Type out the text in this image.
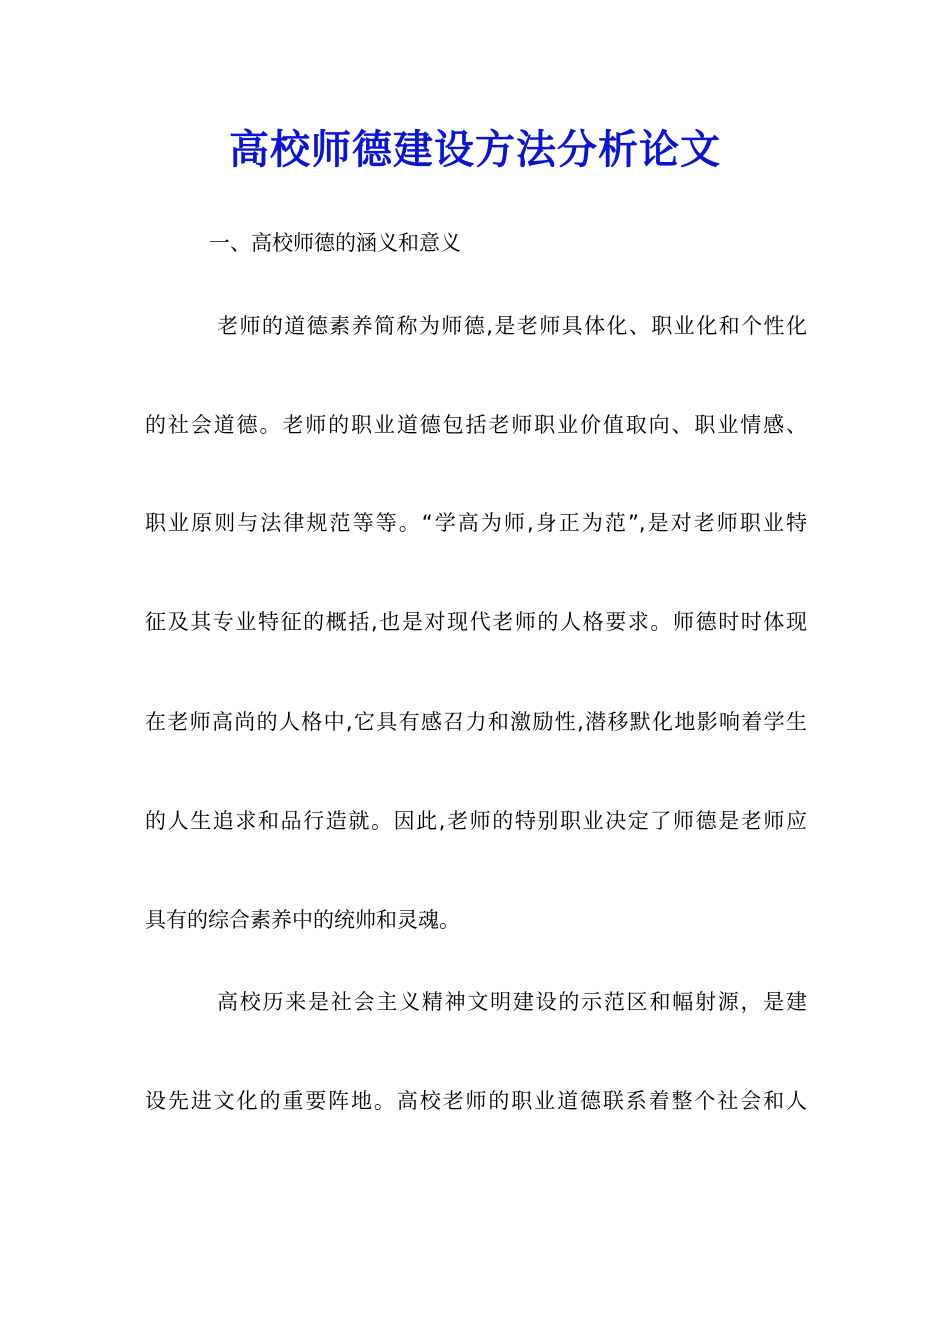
高校师德建设方法分析论文

一、高校师德的涵义和意义

老师的道德素养简称为师德,是老师具体化、职业化和个性化

的社会道德。老师的职业道德包括老师职业价值取向、职业情感、

职业原则与法律规范等等。“学高为师,身正为范”,是对老师职业特

征及其专业特征的概括,也是对现代老师的人格要求。师德时时体现

在老师高尚的人格中,它具有感召力和激励性,潜移默化地影响着学生

的人生追求和品行造就。因此,老师的特别职业决定了师德是老师应

具有的综合素养中的统帅和灵魂。

高校历来是社会主义精神文明建设的示范区和幅射源，是建

设先进文化的重要阵地。高校老师的职业道德联系着整个社会和人
